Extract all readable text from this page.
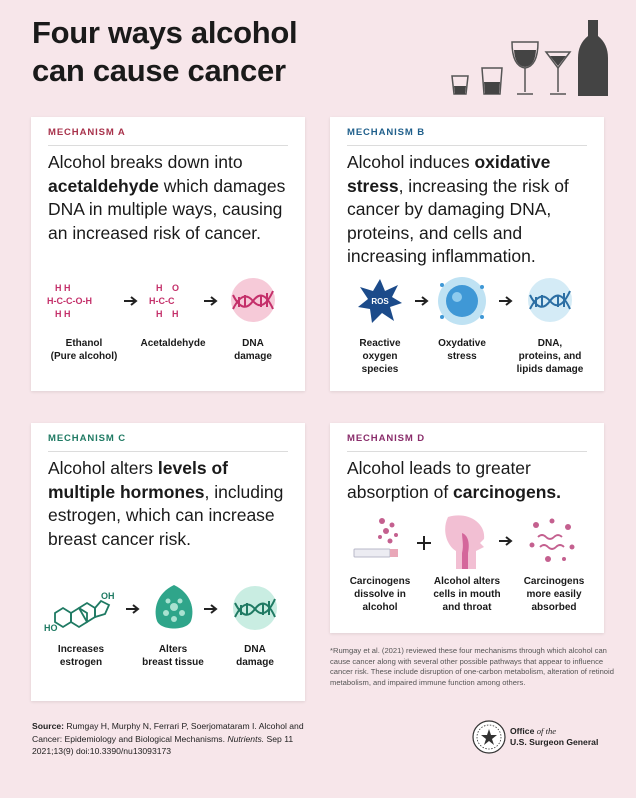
Four ways alcohol
can cause cancer
MECHANISM A
Alcohol breaks down into acetaldehyde which damages DNA in multiple ways, causing an increased risk of cancer.
H H
H-C-C-O-H
H H
H O
H-C-C
H H
Ethanol
(Pure alcohol)
Acetaldehyde	DNA
damage
MECHANISM B
Alcohol induces oxidative stress, increasing the risk of cancer by damaging DNA, proteins, and cells and increasing inflammation.
ROS
Reactive
oxygen
species
Oxydative
stress
DNA,
proteins, and
lipids damage
MECHANISM C
Alcohol alters levels of multiple hormones, including estrogen, which can increase breast cancer risk.
OH
HO
Increases
estrogen
Alters
breast tissue
DNA
damage
MECHANISM D
Alcohol leads to greater absorption of carcinogens.
Carcinogens
dissolve in
alcohol
Alcohol alters
cells in mouth
and throat
Carcinogens
more easily
absorbed
*Rumgay et al. (2021) reviewed these four mechanisms through which alcohol can cause cancer along with several other possible pathways that appear to influence cancer risk. These include disruption of one-carbon metabolism, alteration of retinoid metabolism, and impaired immune function among others.
Source: Rumgay H, Murphy N, Ferrari P, Soerjomataram I. Alcohol and Cancer: Epidemiology and Biological Mechanisms. Nutrients. Sep 11 2021;13(9) doi:10.3390/nu13093173
Office of the
U.S. Surgeon General
